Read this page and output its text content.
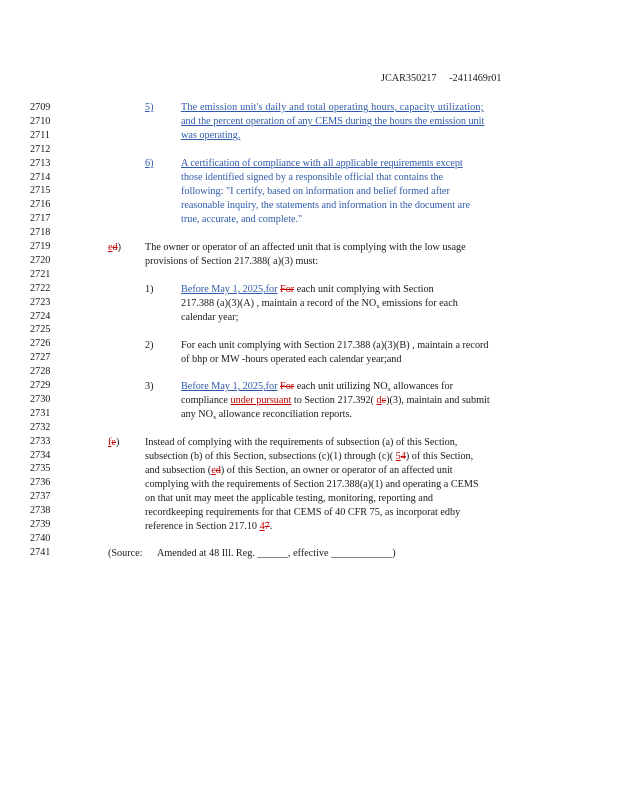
JCAR350217     -2411469r01
2709
2710
2711
2712
2713
2714
2715
2716
2717
2718
2719
2720
2721
2722
2723
2724
2725
2726
2727
2728
2729
2730
2731
2732
2733
2734
2735
2736
2737
2738
2739
2740
2741
5)	The emission unit's daily and total operating hours, capacity utilization;
and the percent operation of any CEMS during the hours the emission unit
was operating.
6)	A certification of compliance with all applicable requirements except
those identified signed by a responsible official that contains the
following: "I certify, based on information and belief formed after
reasonable inquiry, the statements and information in the document are
true, accurate, and complete."
ed) The owner or operator of an affected unit that is complying with the low usage
provisions of Section 217.388( a)(3) must:
1)	Before May 1, 2025,for For each unit complying with Section
217.388 (a)(3)(A) , maintain a record of the $NO_x$ emissions for each
calendar year;
2)	For each unit complying with Section 217.388 (a)(3)(B) , maintain a record
of bhp or MW -hours operated each calendar year;and
3)	Before May 1, 2025,for For each unit utilizing $NO_x$ allowances for
compliance under pursuant to Section 217.392( dc)(3), maintain and submit
any $NO_x$ allowance reconciliation reports.
fe)	Instead of complying with the requirements of subsection (a) of this Section,
subsection (b) of this Section, subsections (c)(1) through (c)( 54) of this Section,
and subsection (ed) of this Section, an owner or operator of an affected unit
complying with the requirements of Section 217.388(a)(1) and operating a CEMS
on that unit may meet the applicable testing, monitoring, reporting and
recordkeeping requirements for that CEMS of 40 CFR 75, as incorporat edby
reference in Section 217.10 47.
(Source: Amended at 48 Ill. Reg. ______, effective ____________)
